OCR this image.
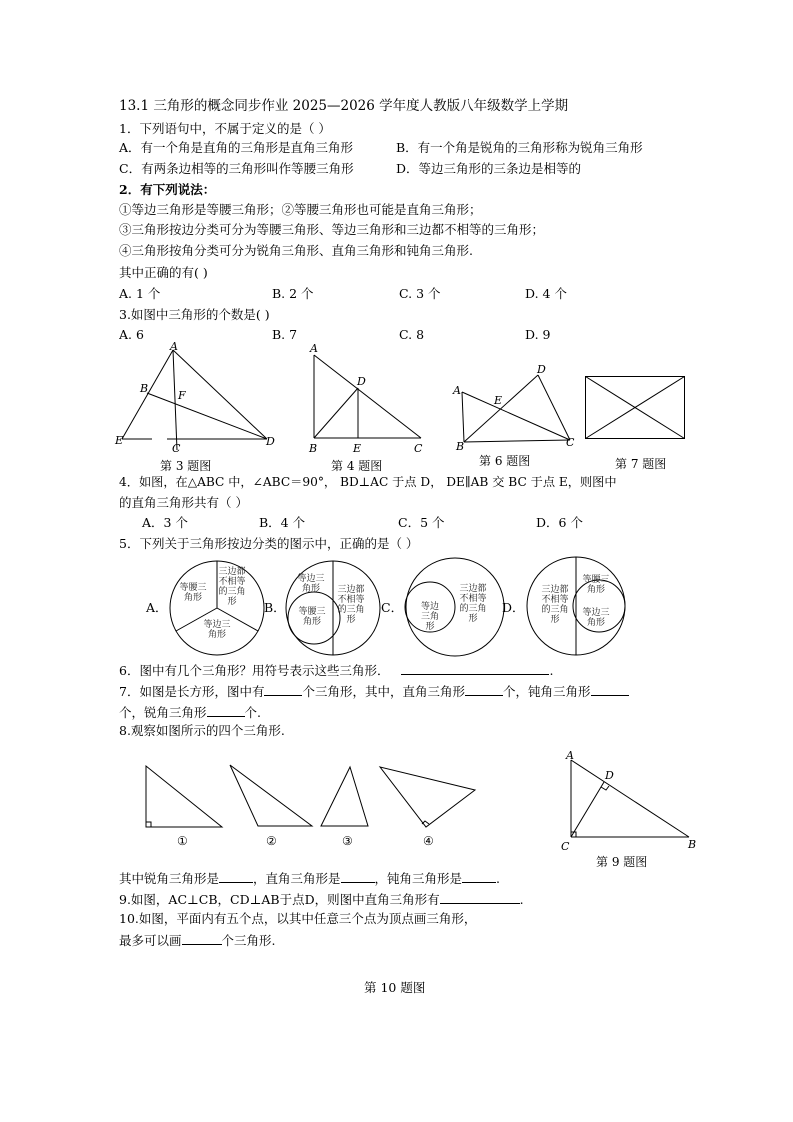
13.1 三角形的概念同步作业 2025—2026 学年度人教版八年级数学上学期
1．下列语句中，不属于定义的是（ ）
A．有一个角是直角的三角形是直角三角形	B．有一个角是锐角的三角形称为锐角三角形
C．有两条边相等的三角形叫作等腰三角形	D．等边三角形的三条边是相等的
2．有下列说法：
①等边三角形是等腰三角形；②等腰三角形也可能是直角三角形；
③三角形按边分类可分为等腰三角形、等边三角形和三边都不相等的三角形；
④三角形按角分类可分为锐角三角形、直角三角形和钝角三角形.
其中正确的有( )
A. 1 个	B. 2 个	C. 3 个	D. 4 个
3.如图中三角形的个数是( )
A. 6	B. 7	C. 8	D. 9
A
B
F
E
C
D
第 3 题图
A
D
B	E	C
第 4 题图
A
D
E
B	C
第 6 题图	第 7 题图
4．如图，在△ABC 中，∠ABC＝90°， BD⊥AC 于点 D， DE∥AB 交 BC 于点 E，则图中
的直角三角形共有（ ）
A．3 个	B．4 个	C．5 个	D．6 个
5．下列关于三角形按边分类的图示中，正确的是（ ）
A．
等腰三角形
三边都不相等的三角形
等边三角形
B．
等边三角形	三边都不相等的三角形
等腰三角形
C．	等边三角形
三边都不相等的三角形
D．
等腰三角形
三边都不相等的三角形
等边三角形
6．图中有几个三角形？用符号表示这些三角形．	.
7．如图是长方形，图中有	个三角形，其中，直角三角形	个，钝角三角形
个，锐角三角形	个.
8.观察如图所示的四个三角形.
①	②	③	④
A
D
C	B
第 9 题图
其中锐角三角形是	，直角三角形是	，钝角三角形是	.
9.如图，AC⊥CB，CD⊥AB于点D，则图中直角三角形有	.
10.如图，平面内有五个点，以其中任意三个点为顶点画三角形，
最多可以画	个三角形.
第 10 题图
